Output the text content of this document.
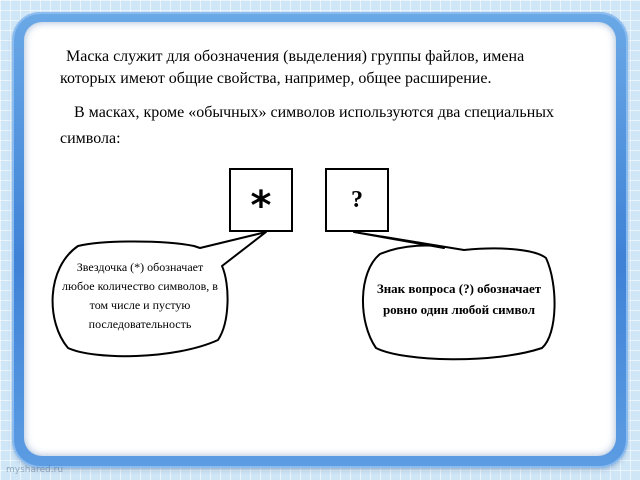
Маска служит для обозначения (выделения) группы файлов, имена которых имеют общие свойства, например, общее расширение.

В масках, кроме «обычных» символов используются два специальных символа:

*	?
Звездочка (*) обозначает любое количество символов, в том числе и пустую последовательность
Знак вопроса (?) обозначает ровно один любой символ
myshared.ru
